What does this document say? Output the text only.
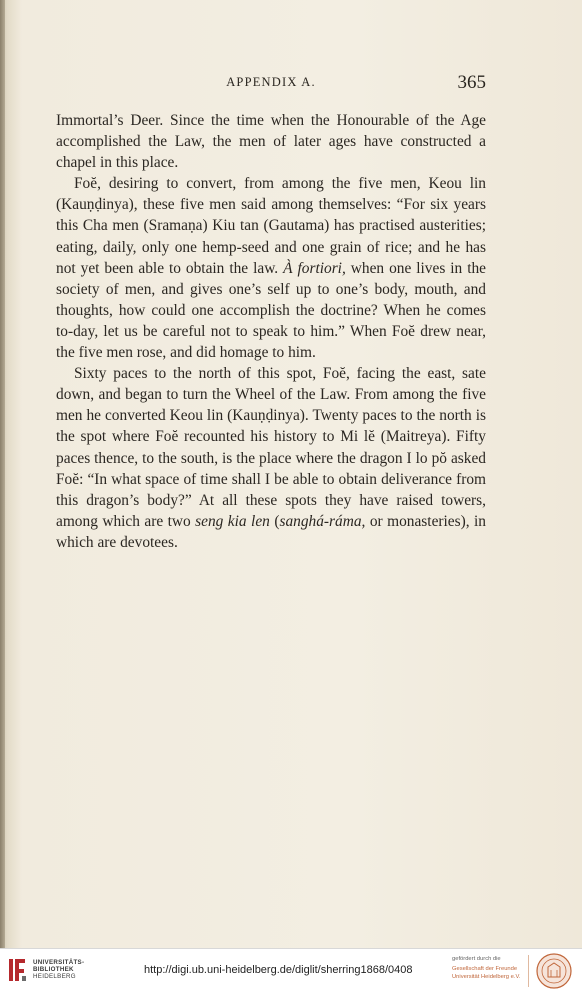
APPENDIX A.	365

Immortal’s Deer. Since the time when the Honourable of the Age accomplished the Law, the men of later ages have constructed a chapel in this place.

Foĕ, desiring to convert, from among the five men, Keou lin (Kauṇḍinya), these five men said among themselves: “For six years this Cha men (Sramaṇa) Kiu tan (Gautama) has practised austerities; eating, daily, only one hemp-seed and one grain of rice; and he has not yet been able to obtain the law. À fortiori, when one lives in the society of men, and gives one’s self up to one’s body, mouth, and thoughts, how could one accomplish the doctrine? When he comes to-day, let us be careful not to speak to him.” When Foĕ drew near, the five men rose, and did homage to him.

Sixty paces to the north of this spot, Foĕ, facing the east, sate down, and began to turn the Wheel of the Law. From among the five men he converted Keou lin (Kauṇḍinya). Twenty paces to the north is the spot where Foĕ recounted his history to Mi lĕ (Maitreya). Fifty paces thence, to the south, is the place where the dragon I lo pŏ asked Foĕ: “In what space of time shall I be able to obtain deliverance from this dragon’s body?” At all these spots they have raised towers, among which are two seng kia len (sanghá-ráma, or monasteries), in which are devotees.

UNIVERSITÄTS-
BIBLIOTHEK
HEIDELBERG
http://digi.ub.uni-heidelberg.de/diglit/sherring1868/0408
gefördert durch die
Gesellschaft der Freunde
Universität Heidelberg e.V.
